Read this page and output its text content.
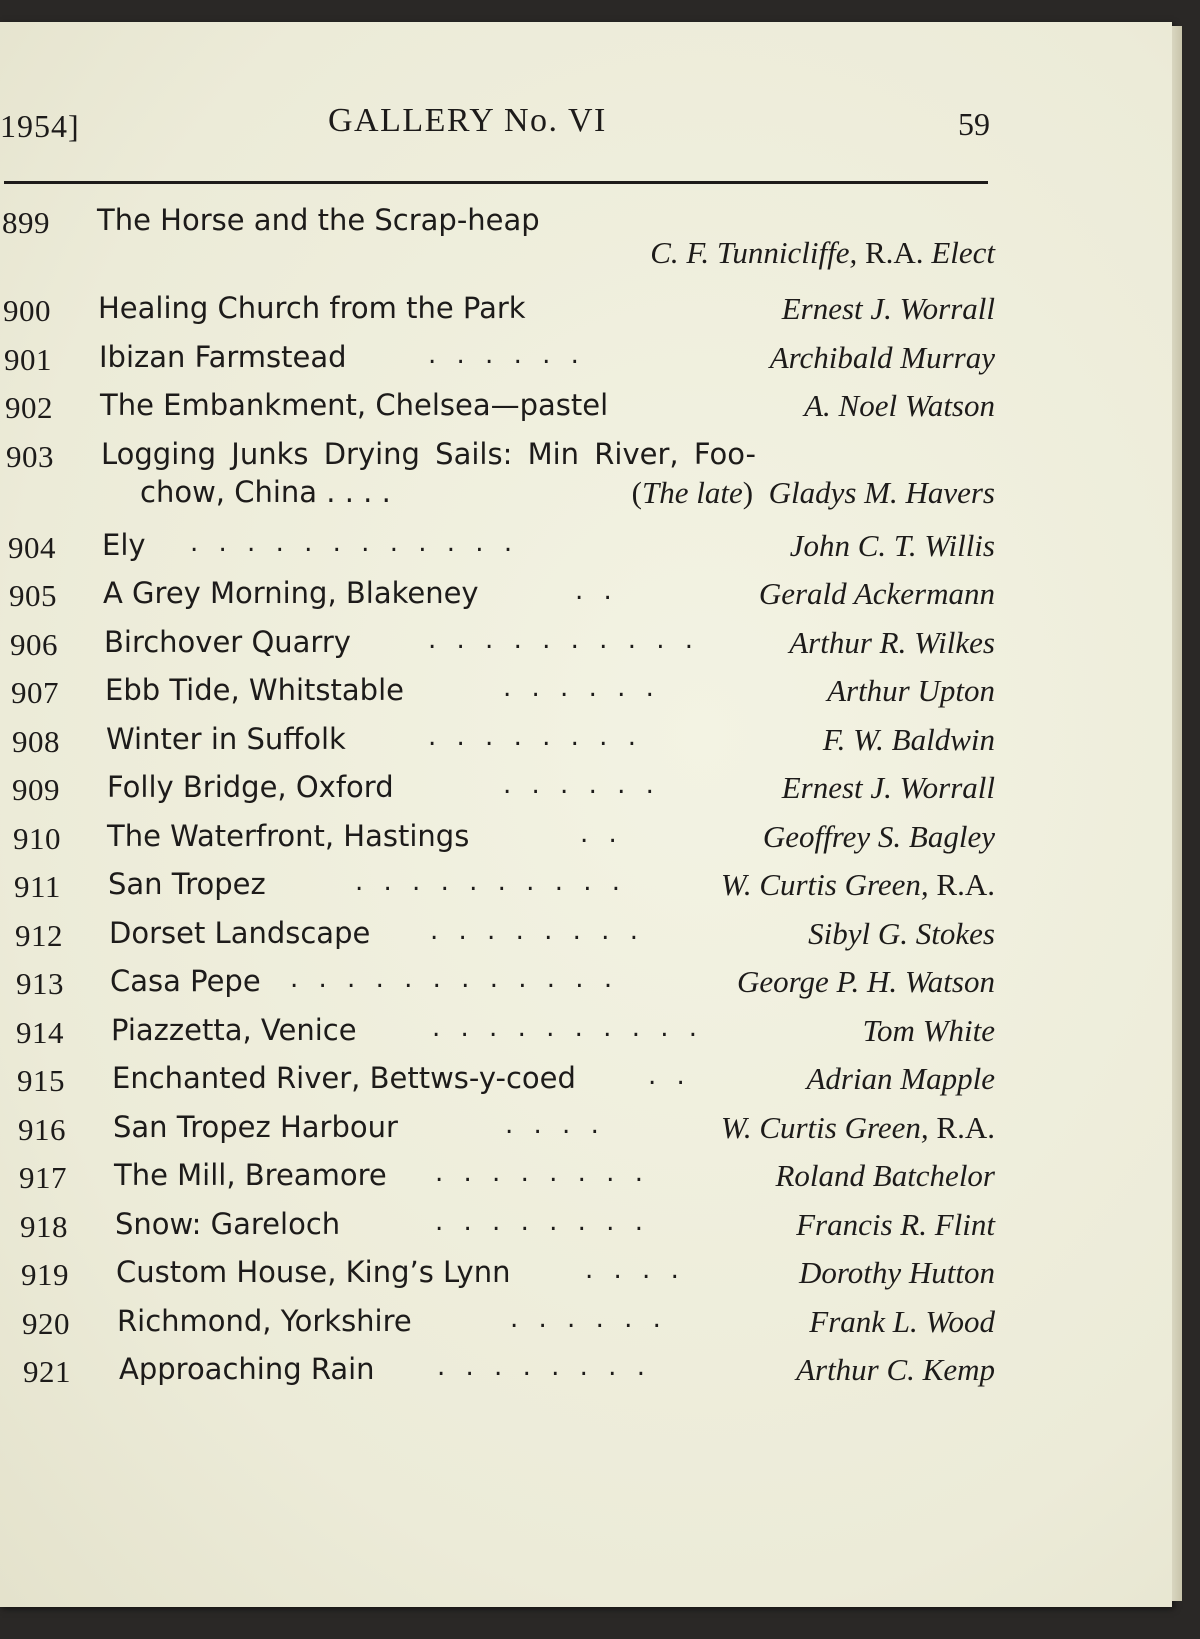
1954]	GALLERY No. VI	59
899 The Horse and the Scrap-heap
C. F. Tunnicliffe, R.A. Elect
900 Healing Church from the Park	Ernest J. Worrall
901 Ibizan Farmstead	. . . . . .	Archibald Murray
902 The Embankment, Chelsea—pastel	A. Noel Watson
903 Logging Junks Drying Sails: Min River, Foo-
chow, China . . . .	(The late) Gladys M. Havers
904 Ely . . . . . . . . . . . .	John C. T. Willis
905 A Grey Morning, Blakeney	. .	Gerald Ackermann
906 Birchover Quarry	. . . . . . . . . .	Arthur R. Wilkes
907 Ebb Tide, Whitstable	. . . . . .	Arthur Upton
908 Winter in Suffolk	. . . . . . . .	F. W. Baldwin
909 Folly Bridge, Oxford	. . . . . .	Ernest J. Worrall
910 The Waterfront, Hastings	. .	Geoffrey S. Bagley
911 San Tropez	. . . . . . . . . .	W. Curtis Green, R.A.
912 Dorset Landscape . . . . . . . .	Sibyl G. Stokes
913 Casa Pepe . . . . . . . . . . . .	George P. H. Watson
914 Piazzetta, Venice	. . . . . . . . . .	Tom White
915 Enchanted River, Bettws-y-coed	. .	Adrian Mapple
916 San Tropez Harbour	. . . .	W. Curtis Green, R.A.
917 The Mill, Breamore . . . . . . . .	Roland Batchelor
918 Snow: Gareloch	. . . . . . . .	Francis R. Flint
919 Custom House, King’s Lynn	. . . .	Dorothy Hutton
920 Richmond, Yorkshire	. . . . . .	Frank L. Wood
921 Approaching Rain . . . . . . . .	Arthur C. Kemp
